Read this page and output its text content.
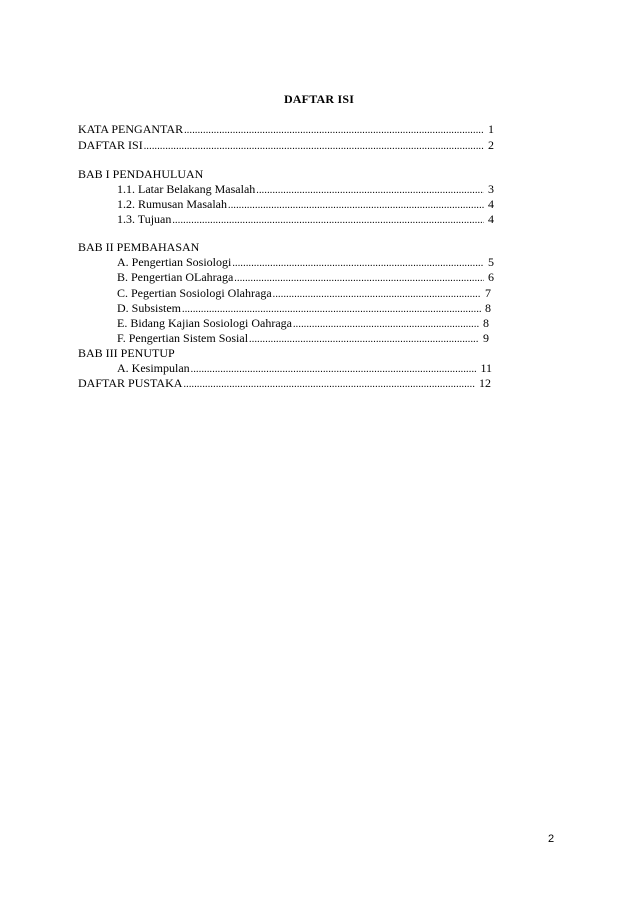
DAFTAR ISI
KATA PENGANTAR .....	1
DAFTAR ISI .....	2
BAB I PENDAHULUAN
1.1. Latar Belakang Masalah .....	3
1.2. Rumusan Masalah .....	4
1.3. Tujuan .....	4
BAB II PEMBAHASAN
A. Pengertian Sosiologi .....	5
B. Pengertian OLahraga .....	6
C. Pegertian Sosiologi Olahraga .....	7
D. Subsistem .....	8
E. Bidang Kajian Sosiologi Oahraga .....	8
F. Pengertian Sistem Sosial .....	9
BAB III PENUTUP
A. Kesimpulan .....	11
DAFTAR PUSTAKA .....	12
2
